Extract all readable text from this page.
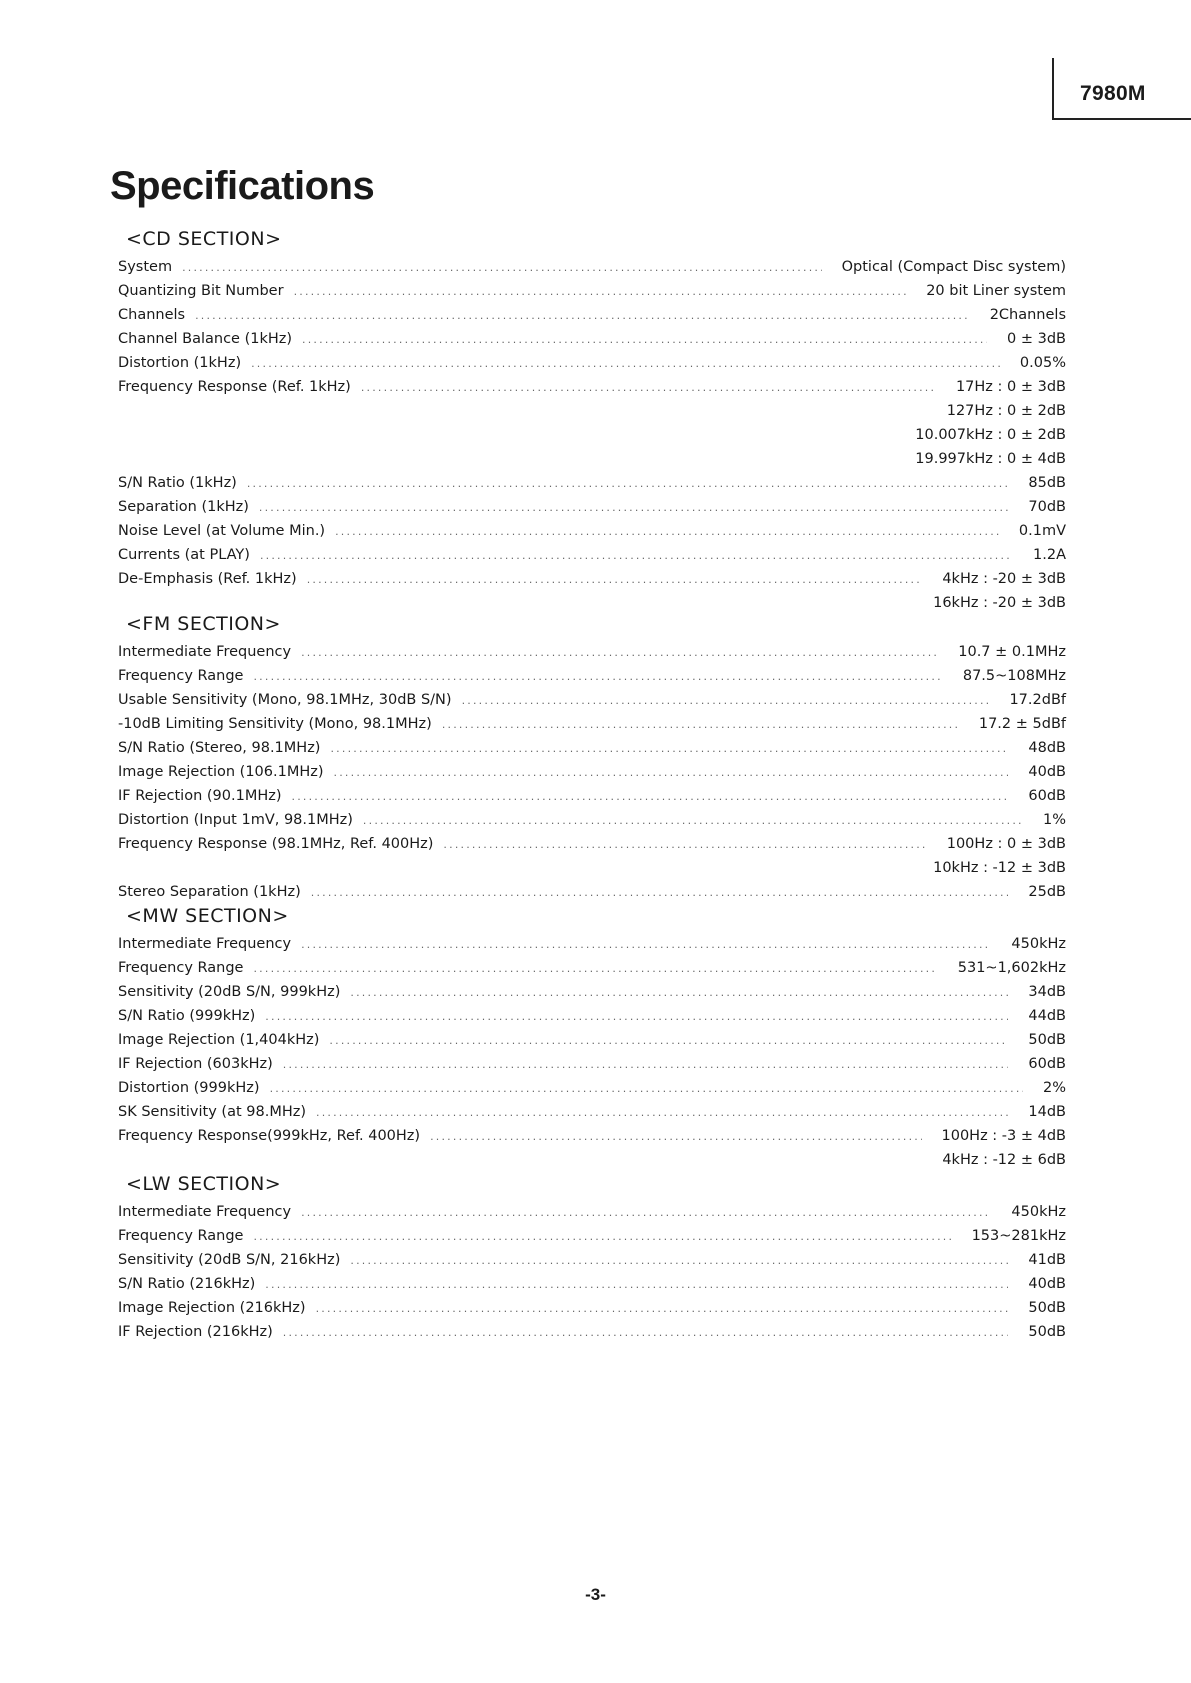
7980M
Specifications
<CD SECTION>
System .....	Optical (Compact Disc system)
Quantizing Bit Number .....	20 bit Liner system
Channels .....	2Channels
Channel Balance (1kHz) .....	0 ± 3dB
Distortion (1kHz) .....	0.05%
Frequency Response (Ref. 1kHz) .....	17Hz : 0 ± 3dB
127Hz : 0 ± 2dB
10.007kHz : 0 ± 2dB
19.997kHz : 0 ± 4dB
S/N Ratio (1kHz) .....	85dB
Separation (1kHz) .....	70dB
Noise Level (at Volume Min.) .....	0.1mV
Currents (at PLAY) .....	1.2A
De-Emphasis (Ref. 1kHz) .....	4kHz : -20 ± 3dB
16kHz : -20 ± 3dB
<FM SECTION>
Intermediate Frequency .....	10.7 ± 0.1MHz
Frequency Range .....	87.5~108MHz
Usable Sensitivity (Mono, 98.1MHz, 30dB S/N) .....	17.2dBf
-10dB Limiting Sensitivity (Mono, 98.1MHz) .....	17.2 ± 5dBf
S/N Ratio (Stereo, 98.1MHz) .....	48dB
Image Rejection (106.1MHz) .....	40dB
IF Rejection (90.1MHz) .....	60dB
Distortion (Input 1mV, 98.1MHz) .....	1%
Frequency Response (98.1MHz, Ref. 400Hz) .....	100Hz : 0 ± 3dB
10kHz : -12 ± 3dB
Stereo Separation (1kHz) .....	25dB
<MW SECTION>
Intermediate Frequency .....	450kHz
Frequency Range .....	531~1,602kHz
Sensitivity (20dB S/N, 999kHz) .....	34dB
S/N Ratio (999kHz) .....	44dB
Image Rejection (1,404kHz) .....	50dB
IF Rejection (603kHz) .....	60dB
Distortion (999kHz) .....	2%
SK Sensitivity (at 98.MHz) .....	14dB
Frequency Response(999kHz, Ref. 400Hz) .....	100Hz : -3 ± 4dB
4kHz : -12 ± 6dB
<LW SECTION>
Intermediate Frequency .....	450kHz
Frequency Range .....	153~281kHz
Sensitivity (20dB S/N, 216kHz) .....	41dB
S/N Ratio (216kHz) .....	40dB
Image Rejection (216kHz) .....	50dB
IF Rejection (216kHz) .....	50dB
-3-
